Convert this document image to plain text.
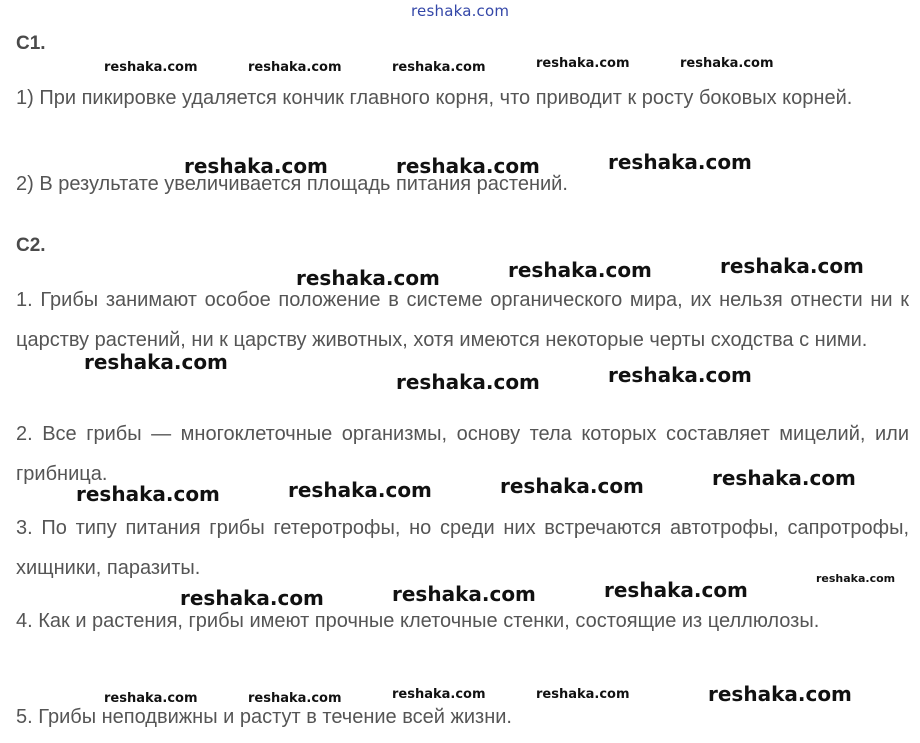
reshaka.com
С1.

1) При пикировке удаляется кончик главного корня, что приводит к росту боковых корней.

2) В результате увеличивается площадь питания растений.

С2.

1. Грибы занимают особое положение в системе органического мира, их нельзя отнести ни к царству растений, ни к царству животных, хотя имеются некоторые черты сходства с ними.

2. Все грибы — многоклеточные организмы, основу тела которых составляет мицелий, или грибница.

3. По типу питания грибы гетеротрофы, но среди них встречаются автотрофы, сапротрофы, хищники, паразиты.

4. Как и растения, грибы имеют прочные клеточные стенки, состоящие из целлюлозы.

5. Грибы неподвижны и растут в течение всей жизни.

reshaka.com	reshaka.com	reshaka.com	reshaka.com	reshaka.com
reshaka.com	reshaka.com	reshaka.com
reshaka.com	reshaka.com	reshaka.com
reshaka.com
reshaka.com	reshaka.com
reshaka.com	reshaka.com	reshaka.com	reshaka.com
reshaka.com	reshaka.com	reshaka.com	reshaka.com
reshaka.com	reshaka.com	reshaka.com	reshaka.com	reshaka.com
